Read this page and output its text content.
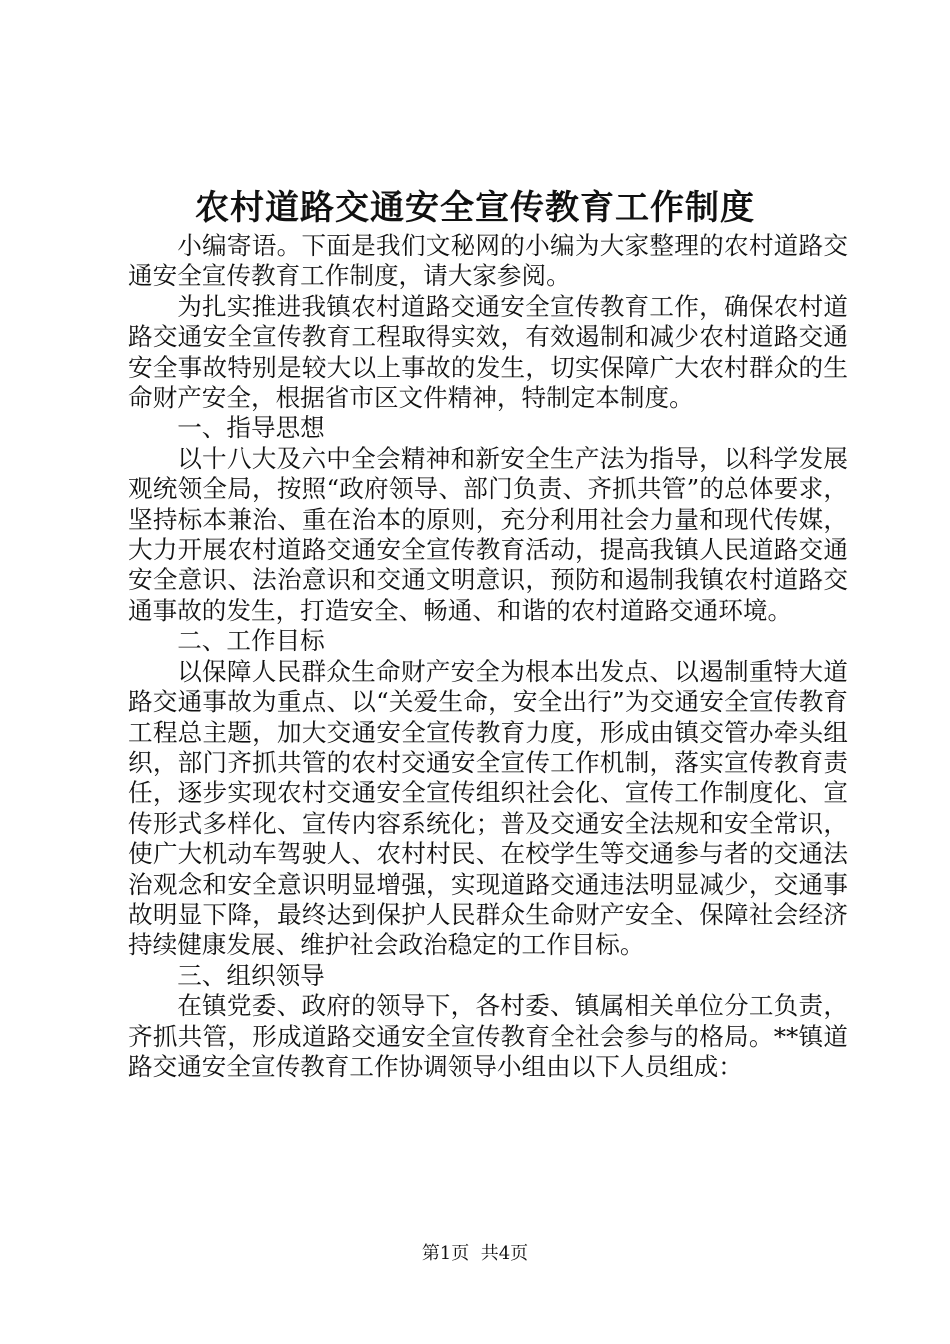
农村道路交通安全宣传教育工作制度

小编寄语。下面是我们文秘网的小编为大家整理的农村道路交通安全宣传教育工作制度，请大家参阅。

为扎实推进我镇农村道路交通安全宣传教育工作，确保农村道路交通安全宣传教育工程取得实效，有效遏制和减少农村道路交通安全事故特别是较大以上事故的发生，切实保障广大农村群众的生命财产安全，根据省市区文件精神，特制定本制度。

一、指导思想

以十八大及六中全会精神和新安全生产法为指导，以科学发展观统领全局，按照“政府领导、部门负责、齐抓共管”的总体要求，坚持标本兼治、重在治本的原则，充分利用社会力量和现代传媒，大力开展农村道路交通安全宣传教育活动，提高我镇人民道路交通安全意识、法治意识和交通文明意识，预防和遏制我镇农村道路交通事故的发生，打造安全、畅通、和谐的农村道路交通环境。

二、工作目标

以保障人民群众生命财产安全为根本出发点、以遏制重特大道路交通事故为重点、以“关爱生命，安全出行”为交通安全宣传教育工程总主题，加大交通安全宣传教育力度，形成由镇交管办牵头组织，部门齐抓共管的农村交通安全宣传工作机制，落实宣传教育责任，逐步实现农村交通安全宣传组织社会化、宣传工作制度化、宣传形式多样化、宣传内容系统化；普及交通安全法规和安全常识，使广大机动车驾驶人、农村村民、在校学生等交通参与者的交通法治观念和安全意识明显增强，实现道路交通违法明显减少，交通事故明显下降，最终达到保护人民群众生命财产安全、保障社会经济持续健康发展、维护社会政治稳定的工作目标。

三、组织领导

在镇党委、政府的领导下，各村委、镇属相关单位分工负责，齐抓共管，形成道路交通安全宣传教育全社会参与的格局。**镇道路交通安全宣传教育工作协调领导小组由以下人员组成：

第1页  共4页
